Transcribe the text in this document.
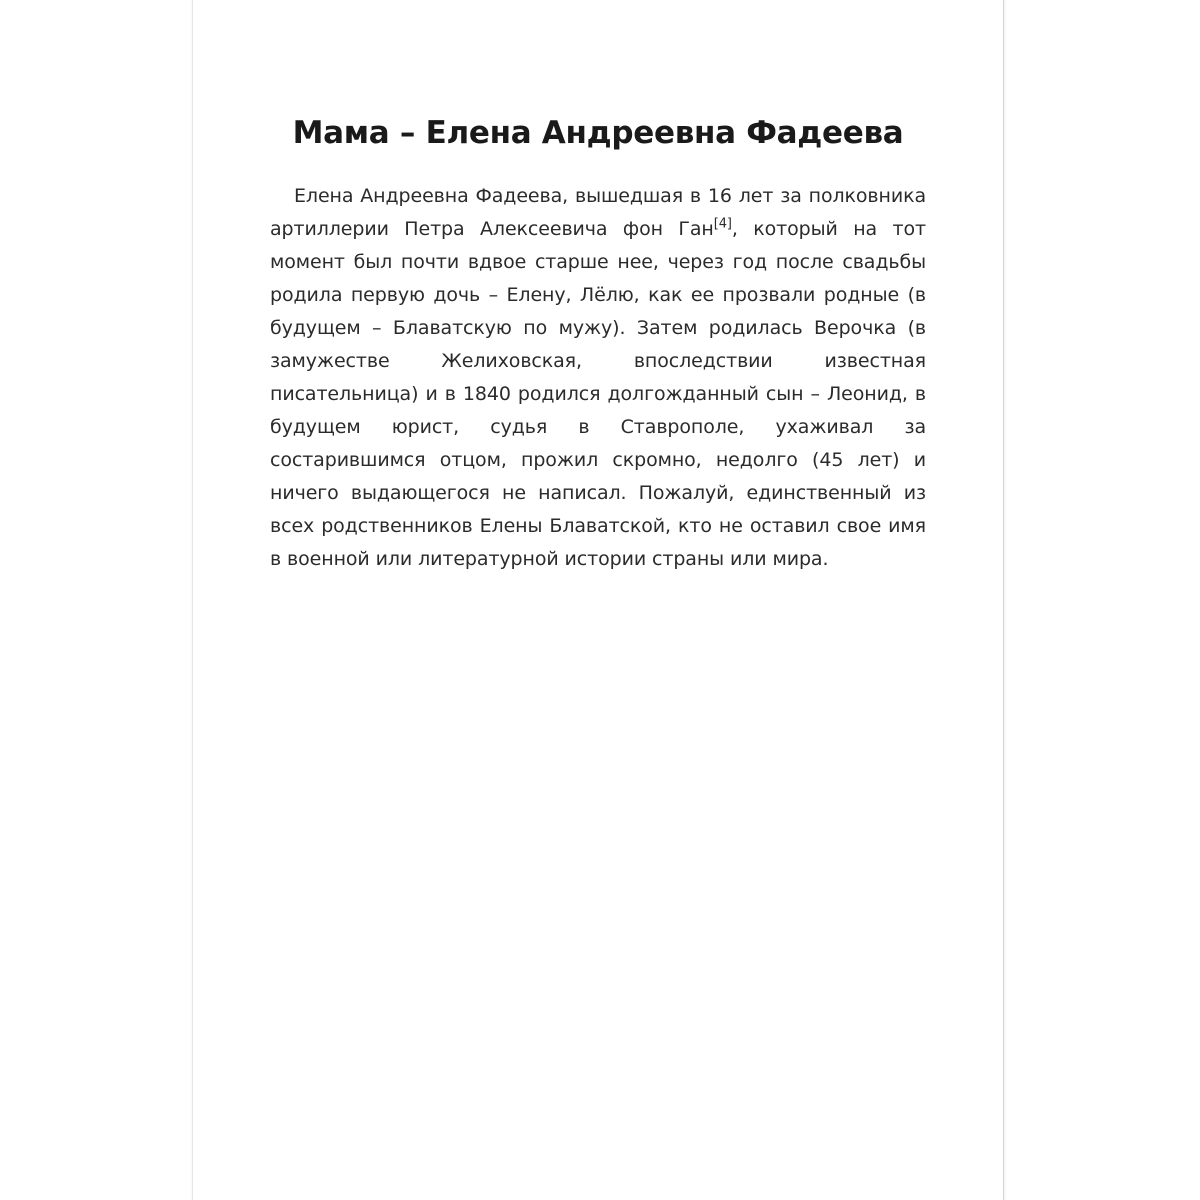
Мама – Елена Андреевна Фадеева

Елена Андреевна Фадеева, вышедшая в 16 лет за полковника артиллерии Петра Алексеевича фон Ган[4], который на тот момент был почти вдвое старше нее, через год после свадьбы родила первую дочь – Елену, Лёлю, как ее прозвали родные (в будущем – Блаватскую по мужу). Затем родилась Верочка (в замужестве Желиховская, впоследствии известная писательница) и в 1840 родился долгожданный сын – Леонид, в будущем юрист, судья в Ставрополе, ухаживал за состарившимся отцом, прожил скромно, недолго (45 лет) и ничего выдающегося не написал. Пожалуй, единственный из всех родственников Елены Блаватской, кто не оставил свое имя в военной или литературной истории страны или мира.
